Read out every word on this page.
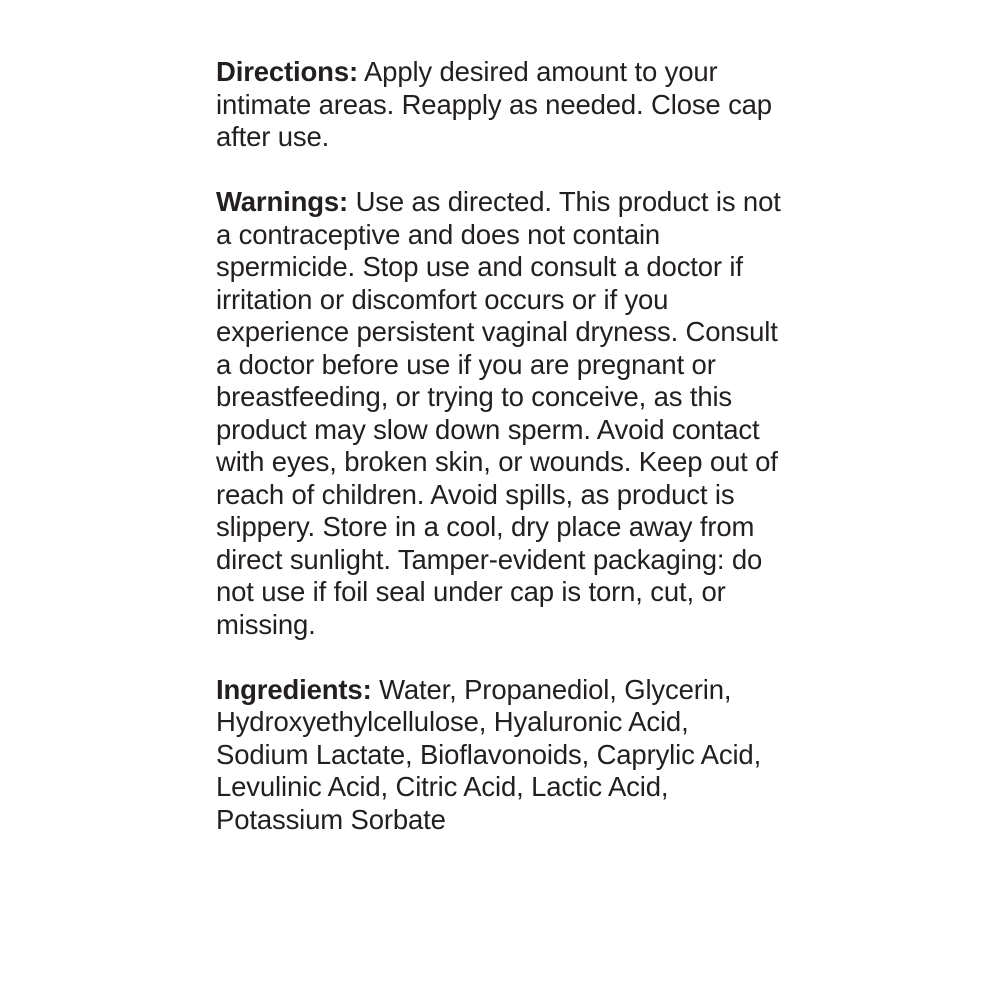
Directions: Apply desired amount to your intimate areas. Reapply as needed. Close cap after use.

Warnings: Use as directed. This product is not a contraceptive and does not contain spermicide. Stop use and consult a doctor if irritation or discomfort occurs or if you experience persistent vaginal dryness. Consult a doctor before use if you are pregnant or breastfeeding, or trying to conceive, as this product may slow down sperm. Avoid contact with eyes, broken skin, or wounds. Keep out of reach of children. Avoid spills, as product is slippery. Store in a cool, dry place away from direct sunlight. Tamper-evident packaging: do not use if foil seal under cap is torn, cut, or missing.

Ingredients: Water, Propanediol, Glycerin, Hydroxyethylcellulose, Hyaluronic Acid, Sodium Lactate, Bioflavonoids, Caprylic Acid, Levulinic Acid, Citric Acid, Lactic Acid, Potassium Sorbate
